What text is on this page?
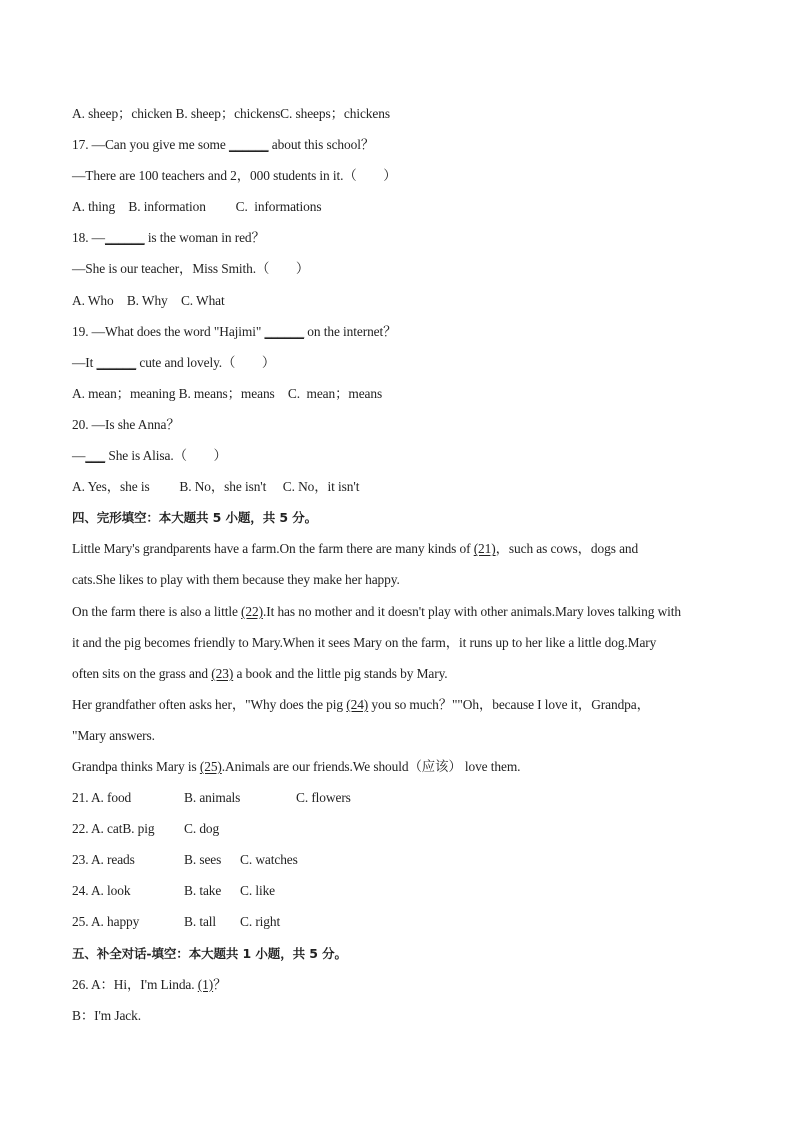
A. sheep；chicken B. sheep；chickensC. sheeps；chickens
17. —Can you give me some ______ about this school？
—There are 100 teachers and 2，000 students in it.（　　）
A. thing　B. information　　 C.  informations
18. —______ is the woman in red？
—She is our teacher，Miss Smith.（　　）
A. Who　B. Why　C. What
19. —What does the word "Hajimi" ______ on the internet？
—It ______ cute and lovely.（　　）
A. mean；meaning B. means；means　C.  mean；means
20. —Is she Anna？
—___ She is Alisa.（　　）
A. Yes，she is　　 B. No，she isn't　 C. No，it isn't
四、完形填空：本大题共 5 小题，共 5 分。
Little Mary's grandparents have a farm.On the farm there are many kinds of (21)，such as cows，dogs and
cats.She likes to play with them because they make her happy.
On the farm there is also a little (22).It has no mother and it doesn't play with other animals.Mary loves talking with
it and the pig becomes friendly to Mary.When it sees Mary on the farm，it runs up to her like a little dog.Mary
often sits on the grass and (23) a book and the little pig stands by Mary.
Her grandfather often asks her，"Why does the pig (24) you so much？""Oh，because I love it，Grandpa，
"Mary answers.
Grandpa thinks Mary is (25).Animals are our friends.We should（应该） love them.
21. A. food	B. animals	C. flowers
22. A. catB. pig C. dog
23. A. reads	B. sees C. watches
24. A. look	B. take C. like
25. A. happy	B. tall C. right
五、补全对话-填空：本大题共 1 小题，共 5 分。
26. A：Hi，I'm Linda. (1)？
B：I'm Jack.
